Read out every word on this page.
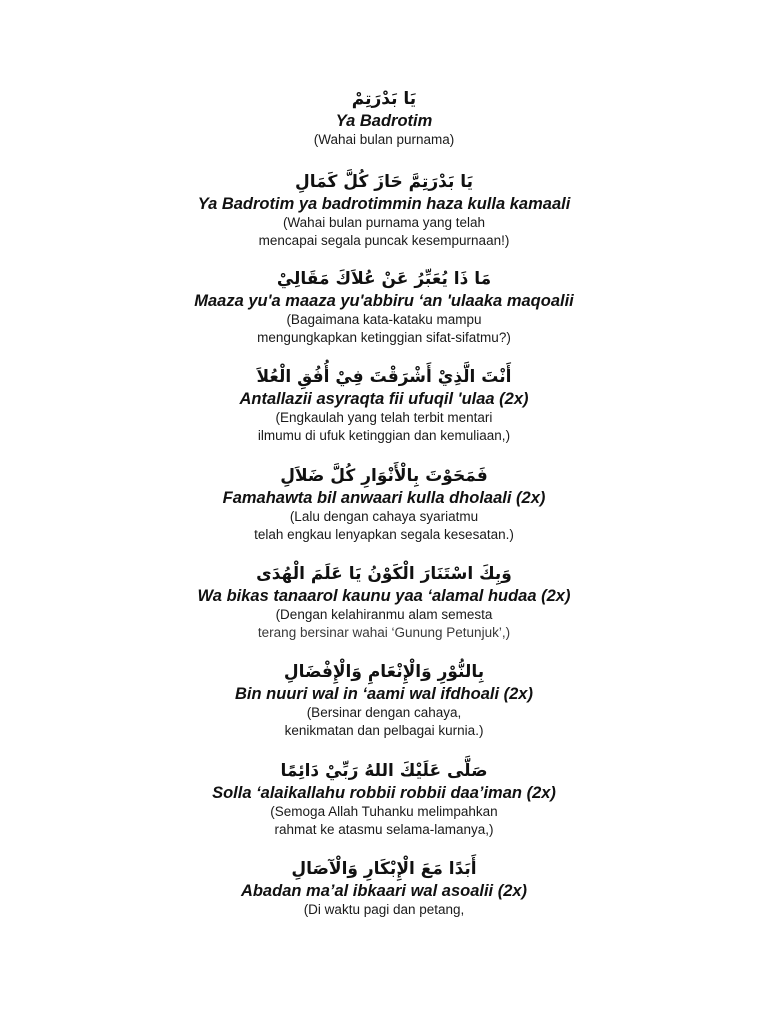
يَا بَدْرَتِمْ
Ya Badrotim
(Wahai bulan purnama)
يَا بَدْرَتِمَّ حَازَ كُلَّ كَمَالِ
Ya Badrotim ya badrotimmin haza kulla kamaali
(Wahai bulan purnama yang telah
mencapai segala puncak kesempurnaan!)
مَا ذَا يُعَبِّرُ عَنْ عُلاَكَ مَقَالِيْ
Maaza yu'a maaza yu'abbiru ‘an 'ulaaka maqoalii
(Bagaimana kata-kataku mampu
mengungkapkan ketinggian sifat-sifatmu?)
أَنْتَ الَّذِيْ أَشْرَقْتَ فِيْ أُفُقِ الْعُلاَ
Antallazii asyraqta fii ufuqil 'ulaa (2x)
(Engkaulah yang telah terbit mentari
ilmumu di ufuk ketinggian dan kemuliaan,)
فَمَحَوْتَ بِالْأَنْوَارِ كُلَّ ضَلاَلِ
Famahawta bil anwaari kulla dholaali (2x)
(Lalu dengan cahaya syariatmu
telah engkau lenyapkan segala kesesatan.)
وَبِكَ اسْتَنَارَ الْكَوْنُ يَا عَلَمَ الْهُدَى
Wa bikas tanaarol kaunu yaa ‘alamal hudaa (2x)
(Dengan kelahiranmu alam semesta
terang bersinar wahai ‘Gunung Petunjuk’,)
بِالنُّوْرِ وَالْإِنْعَامِ وَالْإِفْضَالِ
Bin nuuri wal in ‘aami wal ifdhoali (2x)
(Bersinar dengan cahaya,
kenikmatan dan pelbagai kurnia.)
صَلَّى عَلَيْكَ اللهُ رَبِّيْ دَائِمًا
Solla ‘alaikallahu robbii robbii daa’iman (2x)
(Semoga Allah Tuhanku melimpahkan
rahmat ke atasmu selama-lamanya,)
أَبَدًا مَعَ الْإِبْكَارِ وَالْآصَالِ
Abadan ma’al ibkaari wal asoalii (2x)
(Di waktu pagi dan petang,
